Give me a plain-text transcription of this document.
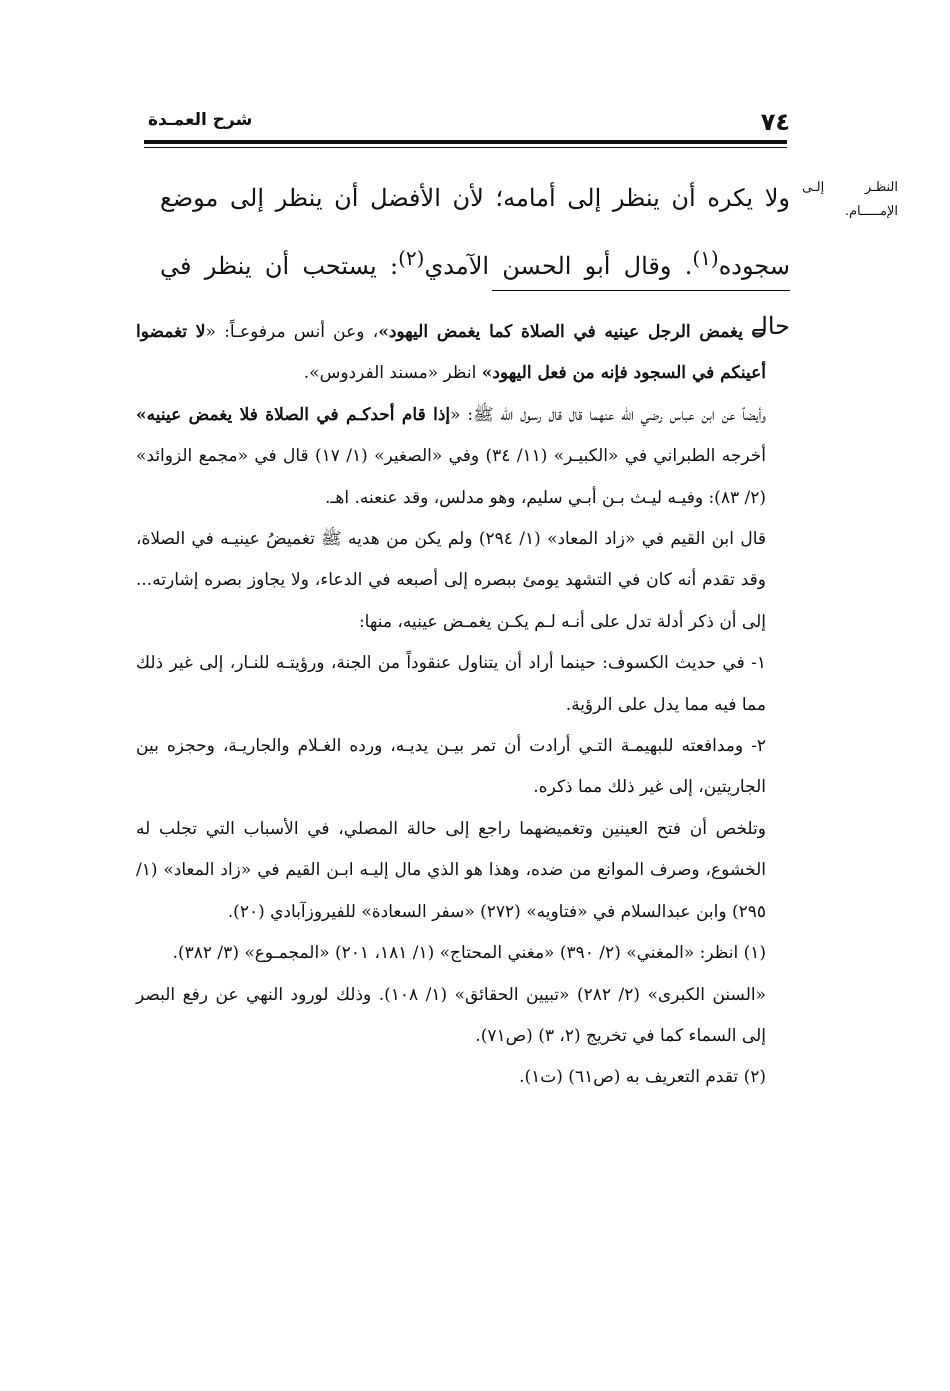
٧٤
شرح العمـدة
النظـر إلـى الإمـــــام.

ولا يكره أن ينظر إلى أمامه؛ لأن الأفضل أن ينظر إلى موضع سجوده$^{(١)}$. وقال أبو الحسن الآمدي$^{(٢)}$: يستحب أن ينظر في حال

= يغمض الرجل عينيه في الصلاة كما يغمض اليهود»، وعن أنس مرفوعـاً: «لا تغمضوا أعينكم في السجود فإنه من فعل اليهود» انظر «مسند الفردوس».

وأيضاً عن ابن عباس رضي الله عنهما قال قال رسول الله ﷺ: «إذا قام أحدكـم في الصلاة فلا يغمض عينيه» أخرجه الطبراني في «الكبيـر» (١١/ ٣٤) وفي «الصغير» (١/ ١٧) قال في «مجمع الزوائد» (٢/ ٨٣): وفيـه ليـث بـن أبـي سليم، وهو مدلس، وقد عنعنه. اهـ.

قال ابن القيم في «زاد المعاد» (١/ ٢٩٤) ولم يكن من هديه ﷺ تغميضُ عينيـه في الصلاة، وقد تقدم أنه كان في التشهد يومئ ببصره إلى أصبعه في الدعاء، ولا يجاوز بصره إشارته... إلى أن ذكر أدلة تدل على أنـه لـم يكـن يغمـض عينيه، منها:

١- في حديث الكسوف: حينما أراد أن يتناول عنقوداً من الجنة، ورؤيتـه للنـار، إلى غير ذلك مما فيه مما يدل على الرؤية.

٢- ومدافعته للبهيمـة التـي أرادت أن تمر بيـن يديـه، ورده الغـلام والجاريـة، وحجزه بين الجاريتين، إلى غير ذلك مما ذكره.

وتلخص أن فتح العينين وتغميضهما راجع إلى حالة المصلي، في الأسباب التي تجلب له الخشوع، وصرف الموانع من ضده، وهذا هو الذي مال إليـه ابـن القيم في «زاد المعاد» (١/ ٢٩٥) وابن عبدالسلام في «فتاويه» (٢٧٢) «سفر السعادة» للفيروزآبادي (٢٠).

(١) انظر: «المغني» (٢/ ٣٩٠) «مغني المحتاج» (١/ ١٨١، ٢٠١) «المجمـوع» (٣/ ٣٨٢).

«السنن الكبرى» (٢/ ٢٨٢) «تبيين الحقائق» (١/ ١٠٨). وذلك لورود النهي عن رفع البصر إلى السماء كما في تخريج (٢، ٣) (ص٧١).

(٢) تقدم التعريف به (ص٦١) (ت١).
